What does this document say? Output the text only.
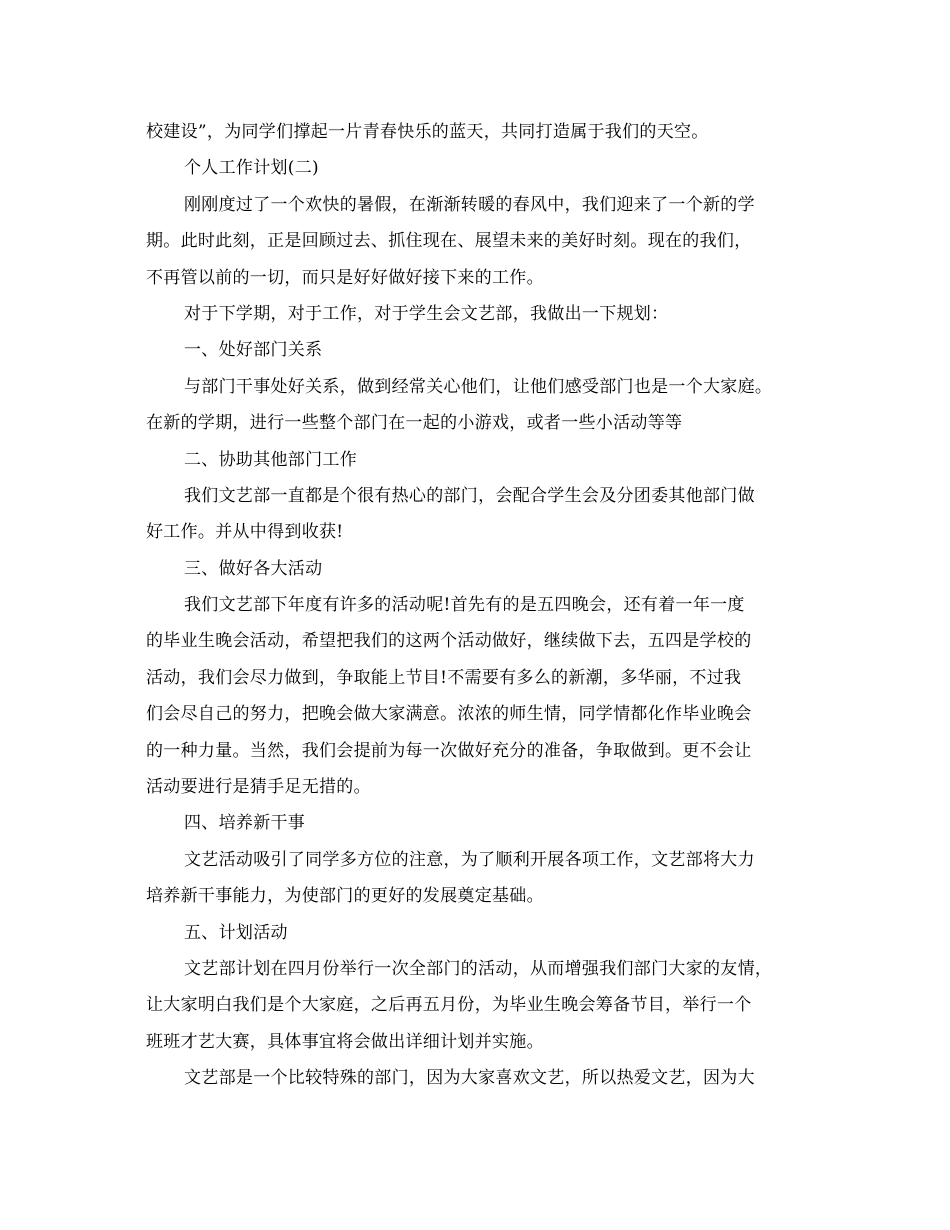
校建设”，为同学们撑起一片青春快乐的蓝天，共同打造属于我们的天空。
个人工作计划(二)
刚刚度过了一个欢快的暑假，在渐渐转暖的春风中，我们迎来了一个新的学
期。此时此刻，正是回顾过去、抓住现在、展望未来的美好时刻。现在的我们，
不再管以前的一切，而只是好好做好接下来的工作。
对于下学期，对于工作，对于学生会文艺部，我做出一下规划：
一、处好部门关系
与部门干事处好关系，做到经常关心他们，让他们感受部门也是一个大家庭。
在新的学期，进行一些整个部门在一起的小游戏，或者一些小活动等等
二、协助其他部门工作
我们文艺部一直都是个很有热心的部门，会配合学生会及分团委其他部门做
好工作。并从中得到收获!
三、做好各大活动
我们文艺部下年度有许多的活动呢!首先有的是五四晚会，还有着一年一度
的毕业生晚会活动，希望把我们的这两个活动做好，继续做下去，五四是学校的
活动，我们会尽力做到，争取能上节目!不需要有多么的新潮，多华丽，不过我
们会尽自己的努力，把晚会做大家满意。浓浓的师生情，同学情都化作毕业晚会
的一种力量。当然，我们会提前为每一次做好充分的准备，争取做到。更不会让
活动要进行是猜手足无措的。
四、培养新干事
文艺活动吸引了同学多方位的注意，为了顺利开展各项工作，文艺部将大力
培养新干事能力，为使部门的更好的发展奠定基础。
五、计划活动
文艺部计划在四月份举行一次全部门的活动，从而增强我们部门大家的友情，
让大家明白我们是个大家庭，之后再五月份，为毕业生晚会筹备节目，举行一个
班班才艺大赛，具体事宜将会做出详细计划并实施。
文艺部是一个比较特殊的部门，因为大家喜欢文艺，所以热爱文艺，因为大
